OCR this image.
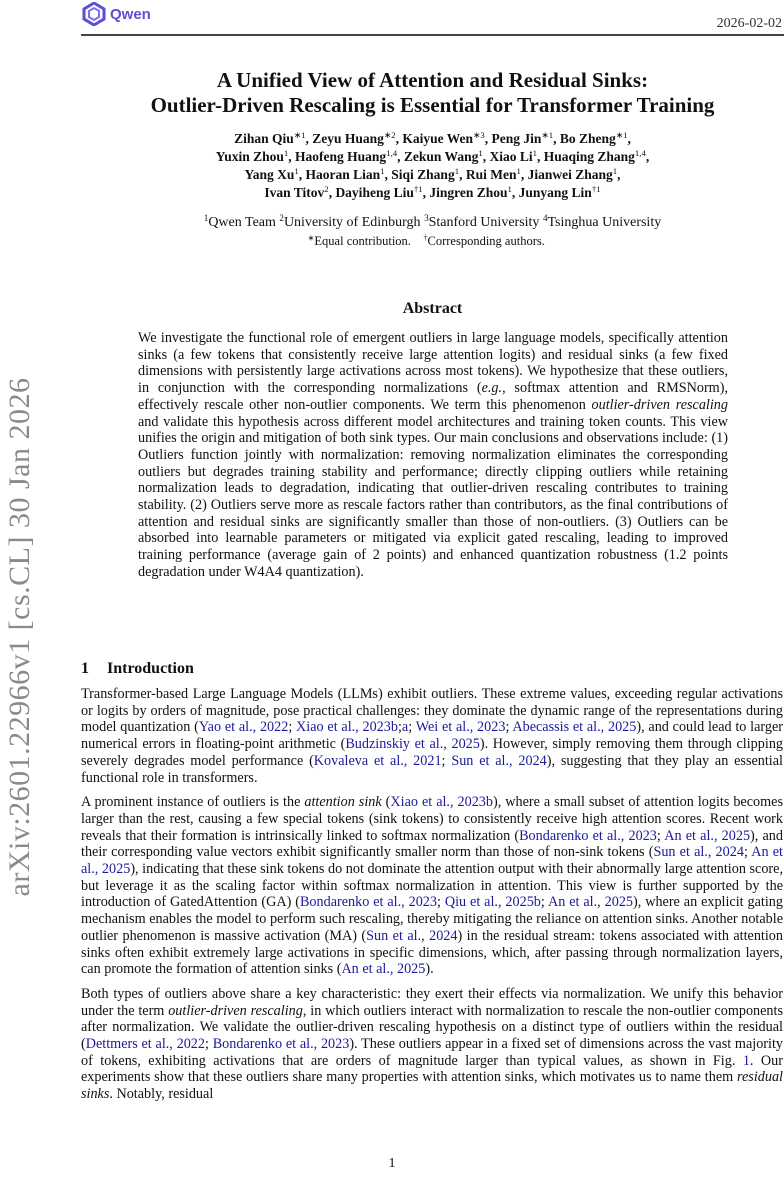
Qwen
2026-02-02
arXiv:2601.22966v1 [cs.CL] 30 Jan 2026
A Unified View of Attention and Residual Sinks:
Outlier-Driven Rescaling is Essential for Transformer Training
Zihan Qiu$^{∗1}$, Zeyu Huang$^{∗2}$, Kaiyue Wen$^{∗3}$, Peng Jin$^{∗1}$, Bo Zheng$^{∗1}$,
Yuxin Zhou$^1$, Haofeng Huang$^{1,4}$, Zekun Wang$^1$, Xiao Li$^1$, Huaqing Zhang$^{1,4}$,
Yang Xu$^1$, Haoran Lian$^1$, Siqi Zhang$^1$, Rui Men$^1$, Jianwei Zhang$^1$,
Ivan Titov$^2$, Dayiheng Liu$^{\dagger 1}$, Jingren Zhou$^1$, Junyang Lin$^{\dagger 1}$
$^1$Qwen Team $^2$University of Edinburgh $^3$Stanford University $^4$Tsinghua University
∗Equal contribution. †Corresponding authors.
Abstract
We investigate the functional role of emergent outliers in large language models, specifically attention sinks (a few tokens that consistently receive large attention logits) and residual sinks (a few fixed dimensions with persistently large activations across most tokens). We hypothesize that these outliers, in conjunction with the corresponding normalizations (e.g., softmax attention and RMSNorm), effectively rescale other non-outlier components. We term this phenomenon outlier-driven rescaling and validate this hypothesis across different model architectures and training token counts. This view unifies the origin and mitigation of both sink types. Our main conclusions and observations include: (1) Outliers function jointly with normalization: removing normalization eliminates the corresponding outliers but degrades training stability and performance; directly clipping outliers while retaining normalization leads to degradation, indicating that outlier-driven rescaling contributes to training stability. (2) Outliers serve more as rescale factors rather than contributors, as the final contributions of attention and residual sinks are significantly smaller than those of non-outliers. (3) Outliers can be absorbed into learnable parameters or mitigated via explicit gated rescaling, leading to improved training performance (average gain of 2 points) and enhanced quantization robustness (1.2 points degradation under W4A4 quantization).
1 Introduction

Transformer-based Large Language Models (LLMs) exhibit outliers. These extreme values, exceeding regular activations or logits by orders of magnitude, pose practical challenges: they dominate the dynamic range of the representations during model quantization (Yao et al., 2022; Xiao et al., 2023b;a; Wei et al., 2023; Abecassis et al., 2025), and could lead to larger numerical errors in floating-point arithmetic (Budzinskiy et al., 2025). However, simply removing them through clipping severely degrades model performance (Kovaleva et al., 2021; Sun et al., 2024), suggesting that they play an essential functional role in transformers.

A prominent instance of outliers is the attention sink (Xiao et al., 2023b), where a small subset of attention logits becomes larger than the rest, causing a few special tokens (sink tokens) to consistently receive high attention scores. Recent work reveals that their formation is intrinsically linked to softmax normalization (Bondarenko et al., 2023; An et al., 2025), and their corresponding value vectors exhibit significantly smaller norm than those of non-sink tokens (Sun et al., 2024; An et al., 2025), indicating that these sink tokens do not dominate the attention output with their abnormally large attention score, but leverage it as the scaling factor within softmax normalization in attention. This view is further supported by the introduction of GatedAttention (GA) (Bondarenko et al., 2023; Qiu et al., 2025b; An et al., 2025), where an explicit gating mechanism enables the model to perform such rescaling, thereby mitigating the reliance on attention sinks. Another notable outlier phenomenon is massive activation (MA) (Sun et al., 2024) in the residual stream: tokens associated with attention sinks often exhibit extremely large activations in specific dimensions, which, after passing through normalization layers, can promote the formation of attention sinks (An et al., 2025).

Both types of outliers above share a key characteristic: they exert their effects via normalization. We unify this behavior under the term outlier-driven rescaling, in which outliers interact with normalization to rescale the non-outlier components after normalization. We validate the outlier-driven rescaling hypothesis on a distinct type of outliers within the residual (Dettmers et al., 2022; Bondarenko et al., 2023). These outliers appear in a fixed set of dimensions across the vast majority of tokens, exhibiting activations that are orders of magnitude larger than typical values, as shown in Fig. 1. Our experiments show that these outliers share many properties with attention sinks, which motivates us to name them residual sinks. Notably, residual

1
